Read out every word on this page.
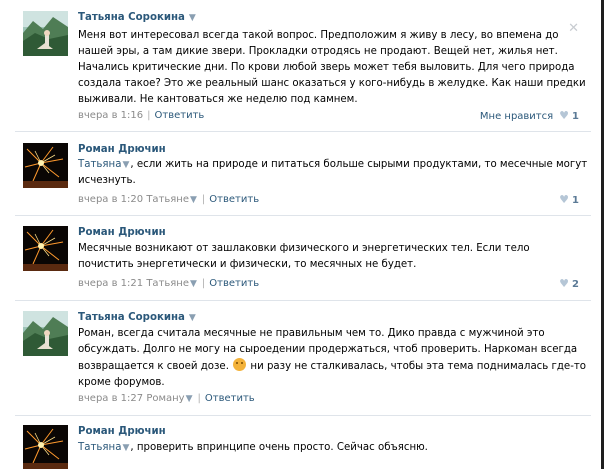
Татьяна Сорокина ▼
✕
Меня вот интересовал всегда такой вопрос. Предположим я живу в лесу, во впемена до нашей эры, а там дикие звери. Прокладки отродясь не продают. Вещей нет, жилья нет. Начались критические дни. По крови любой зверь может тебя выловить. Для чего природа создала такое? Это же реальный шанс оказаться у кого-нибудь в желудке. Как наши предки выживали. Не кантоваться же неделю под камнем.
вчера в 1:16 | Ответить	Мне нравится ♥ 1
Роман Дрючин
Татьяна▼, если жить на природе и питаться больше сырыми продуктами, то месечные могут исчезнуть.
вчера в 1:20 Татьяне▼ | Ответить	♥ 1
Роман Дрючин
Месячные возникают от зашлаковки физического и энергетических тел. Если тело почистить энергетически и физически, то месячных не будет.
вчера в 1:21 Татьяне▼ | Ответить	♥ 2
Татьяна Сорокина ▼
Роман, всегда считала месячные не правильным чем то. Дико правда с мужчиной это обсуждать. Долго не могу на сыроедении продержаться, чтоб проверить. Наркоман всегда возвращается к своей дозе.  ни разу не сталкивалась, чтобы эта тема поднималась где-то кроме форумов.
вчера в 1:27 Роману▼ | Ответить
Роман Дрючин
Татьяна▼, проверить впринципе очень просто. Сейчас объясню.
